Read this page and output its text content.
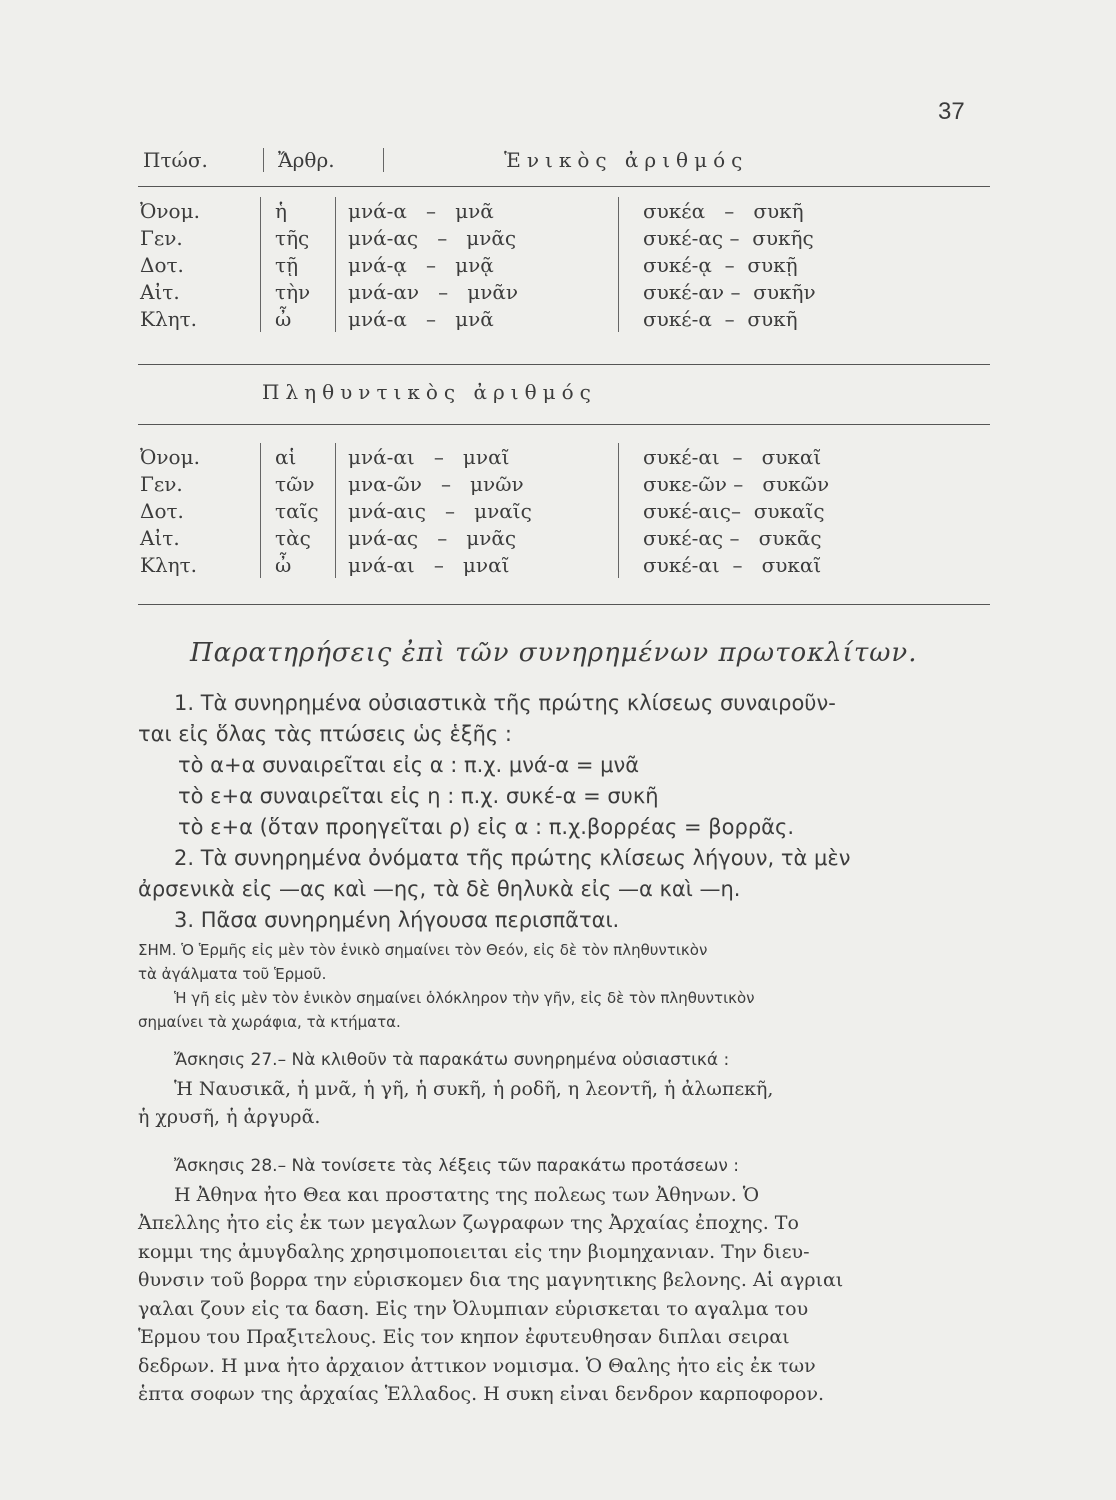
37
Πτώσ.	Ἄρθρ.	Ἑνικὸς ἀριθμός
Ὀνομ.	ἡ	μνά-α   –   μνᾶ	συκέα   –   συκῆ
Γεν.	τῆς	μνά-ας   –   μνᾶς	συκέ-ας –  συκῆς
Δοτ.	τῇ	μνά-ᾳ   –   μνᾷ	συκέ-ᾳ  –  συκῇ
Αἰτ.	τὴν	μνά-αν   –   μνᾶν	συκέ-αν –  συκῆν
Κλητ.	ὦ	μνά-α   –   μνᾶ	συκέ-α  –  συκῆ
Πληθυντικὸς ἀριθμός
Ὀνομ.	αἱ	μνά-αι   –   μναῖ	συκέ-αι  –   συκαῖ
Γεν.	τῶν	μνα-ῶν   –   μνῶν	συκε-ῶν –   συκῶν
Δοτ.	ταῖς	μνά-αις   –   μναῖς	συκέ-αις–  συκαῖς
Αἰτ.	τὰς	μνά-ας   –   μνᾶς	συκέ-ας –   συκᾶς
Κλητ.	ὦ	μνά-αι   –   μναῖ	συκέ-αι  –   συκαῖ
Παρατηρήσεις ἐπὶ τῶν συνηρημένων πρωτοκλίτων.
1. Τὰ συνηρημένα οὐσιαστικὰ τῆς πρώτης κλίσεως συναιροῦν-
ται εἰς ὅλας τὰς πτώσεις ὡς ἑξῆς :
τὸ α+α συναιρεῖται εἰς α : π.χ. μνά-α = μνᾶ
τὸ ε+α συναιρεῖται εἰς η : π.χ. συκέ-α = συκῆ
τὸ ε+α (ὅταν προηγεῖται ρ) εἰς α : π.χ.βορρέας = βορρᾶς.
2. Τὰ συνηρημένα ὀνόματα τῆς πρώτης κλίσεως λήγουν, τὰ μὲν
ἀρσενικὰ εἰς —ας καὶ —ης, τὰ δὲ θηλυκὰ εἰς —α καὶ —η.
3. Πᾶσα συνηρημένη λήγουσα περισπᾶται.
ΣΗΜ. Ὁ Ἑρμῆς εἰς μὲν τὸν ἑνικὸ σημαίνει τὸν Θεόν, εἰς δὲ τὸν πληθυντικὸν
τὰ ἀγάλματα τοῦ Ἑρμοῦ.
Ἡ γῆ εἰς μὲν τὸν ἑνικὸν σημαίνει ὁλόκληρον τὴν γῆν, εἰς δὲ τὸν πληθυντικὸν
σημαίνει τὰ χωράφια, τὰ κτήματα.
Ἄσκησις 27.– Νὰ κλιθοῦν τὰ παρακάτω συνηρημένα οὐσιαστικά :
Ἡ Ναυσικᾶ, ἡ μνᾶ, ἡ γῆ, ἡ συκῆ, ἡ ροδῆ, η λεοντῆ, ἡ ἀλωπεκῆ,
ἡ χρυσῆ, ἡ ἀργυρᾶ.
Ἄσκησις 28.– Νὰ τονίσετε τὰς λέξεις τῶν παρακάτω προτάσεων :
Η Ἀθηνα ἠτο Θεα και προστατης της πολεως των Ἀθηνων. Ὁ
Ἀπελλης ἠτο εἰς ἐκ των μεγαλων ζωγραφων της Ἀρχαίας ἐποχης. Το
κομμι της ἀμυγδαλης χρησιμοποιειται εἰς την βιομηχανιαν. Την διευ-
θυνσιν τοῦ βορρα την εὑρισκομεν δια της μαγνητικης βελονης. Αἱ αγριαι
γαλαι ζουν εἰς τα δαση. Εἰς την Ὀλυμπιαν εὑρισκεται το αγαλμα του
Ἑρμου του Πραξιτελους. Εἰς τον κηπον ἐφυτευθησαν διπλαι σειραι
δεδρων. Η μνα ἠτο ἀρχαιον ἀττικον νομισμα. Ὁ Θαλης ἠτο εἰς ἐκ των
ἑπτα σοφων της ἀρχαίας Ἑλλαδος. Η συκη εἰναι δενδρον καρποφορον.
